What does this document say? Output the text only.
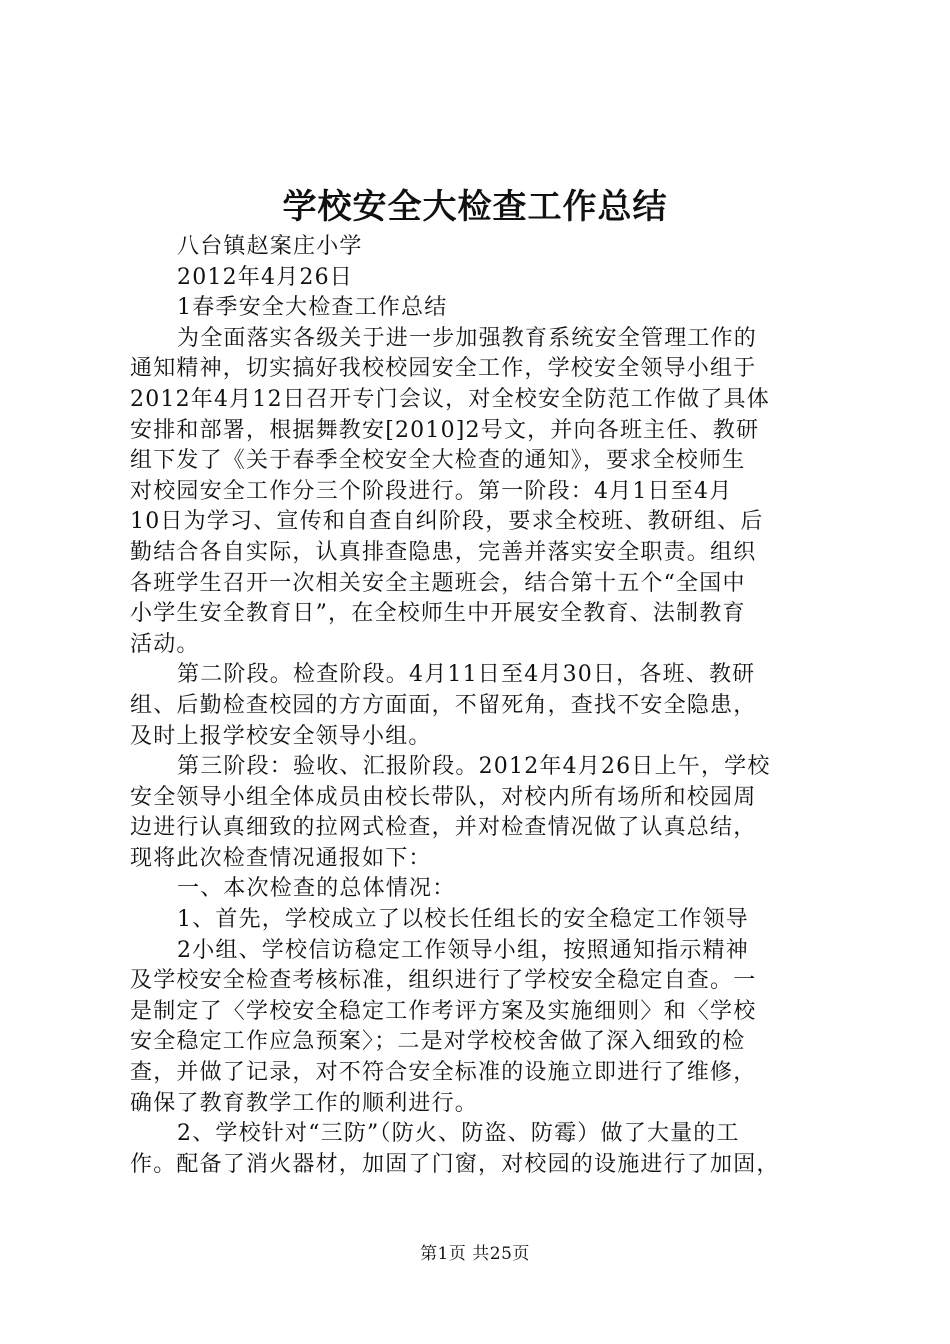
学校安全大检查工作总结
八台镇赵案庄小学
2012年4月26日
1春季安全大检查工作总结
为全面落实各级关于进一步加强教育系统安全管理工作的
通知精神，切实搞好我校校园安全工作，学校安全领导小组于
2012年4月12日召开专门会议，对全校安全防范工作做了具体
安排和部署，根据舞教安[2010]2号文，并向各班主任、教研
组下发了《关于春季全校安全大检查的通知》，要求全校师生
对校园安全工作分三个阶段进行。第一阶段：4月1日至4月
10日为学习、宣传和自查自纠阶段，要求全校班、教研组、后
勤结合各自实际，认真排查隐患，完善并落实安全职责。组织
各班学生召开一次相关安全主题班会，结合第十五个“全国中
小学生安全教育日”，在全校师生中开展安全教育、法制教育
活动。
第二阶段。检查阶段。4月11日至4月30日，各班、教研
组、后勤检查校园的方方面面，不留死角，查找不安全隐患，
及时上报学校安全领导小组。
第三阶段：验收、汇报阶段。2012年4月26日上午，学校
安全领导小组全体成员由校长带队，对校内所有场所和校园周
边进行认真细致的拉网式检查，并对检查情况做了认真总结，
现将此次检查情况通报如下：
一、本次检查的总体情况：
1、首先，学校成立了以校长任组长的安全稳定工作领导
2小组、学校信访稳定工作领导小组，按照通知指示精神
及学校安全检查考核标准，组织进行了学校安全稳定自查。一
是制定了〈学校安全稳定工作考评方案及实施细则〉和〈学校
安全稳定工作应急预案〉；二是对学校校舍做了深入细致的检
查，并做了记录，对不符合安全标准的设施立即进行了维修，
确保了教育教学工作的顺利进行。
2、学校针对“三防”（防火、防盗、防霉）做了大量的工
作。配备了消火器材，加固了门窗，对校园的设施进行了加固，
第1页 共25页
